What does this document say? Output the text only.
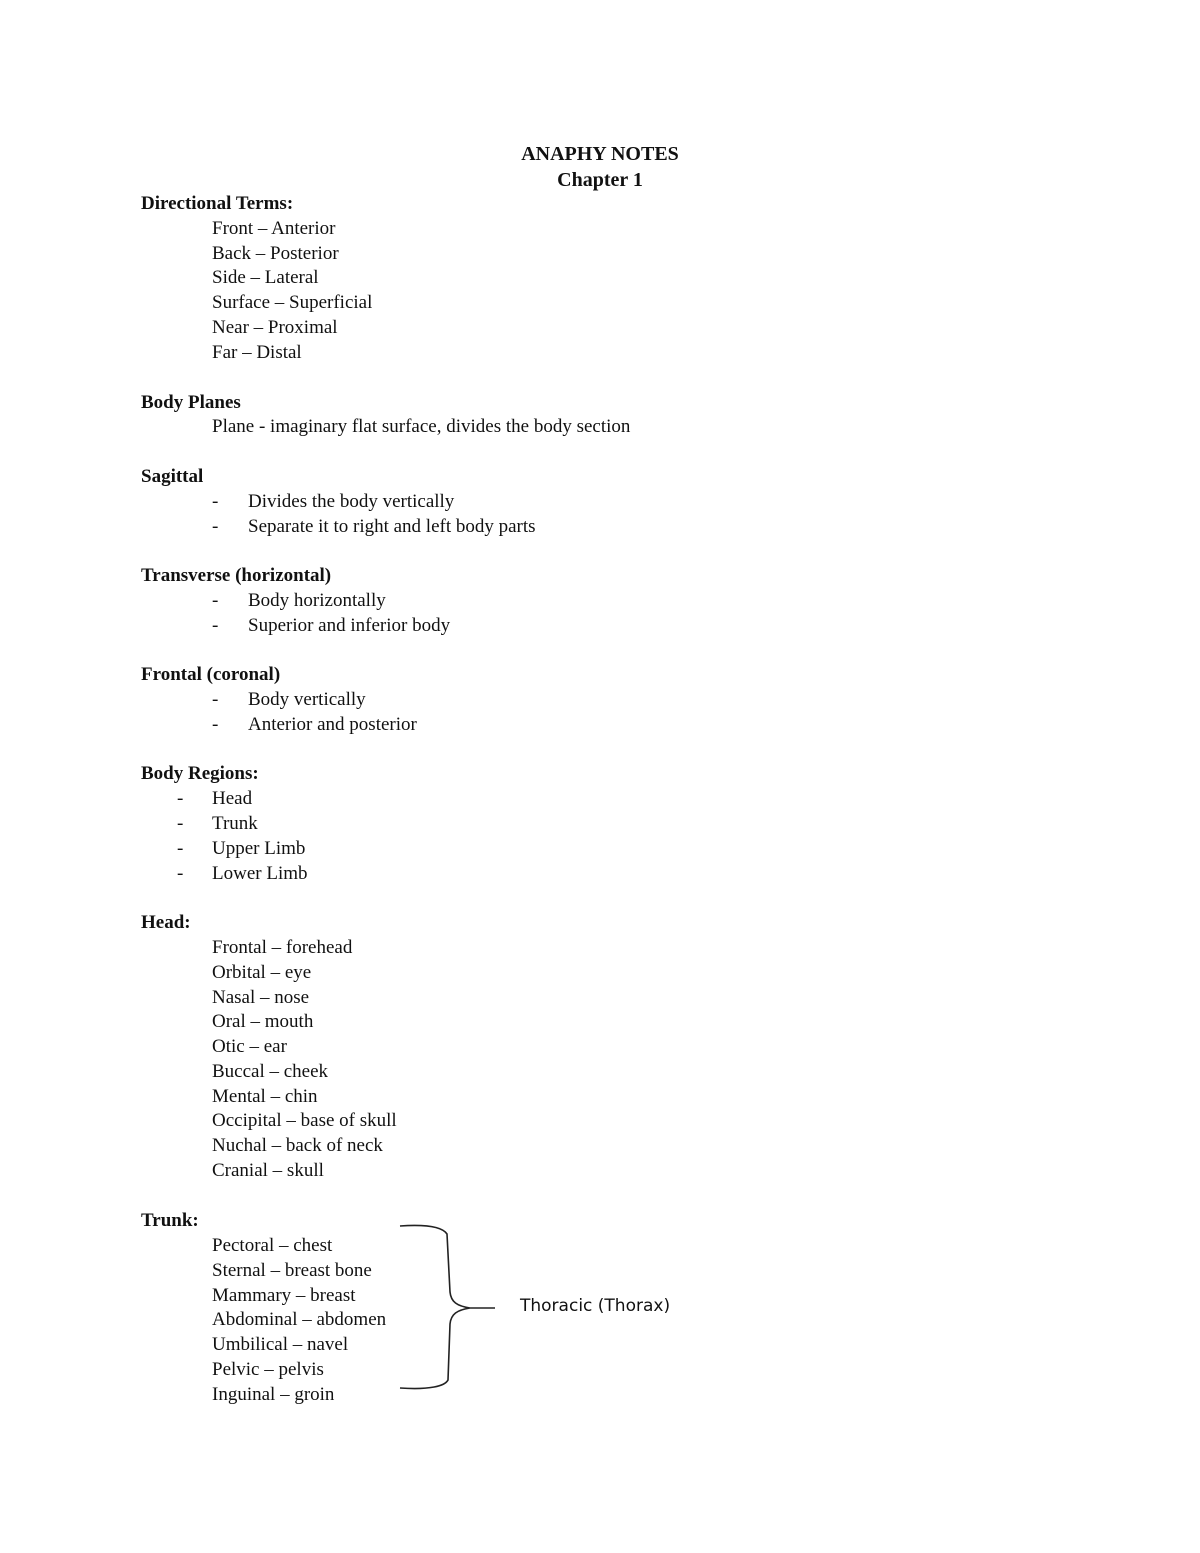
ANAPHY NOTES
Chapter 1
Directional Terms:
Front – Anterior
Back – Posterior
Side – Lateral
Surface – Superficial
Near – Proximal
Far – Distal
Body Planes
Plane - imaginary flat surface, divides the body section
Sagittal
- Divides the body vertically
- Separate it to right and left body parts
Transverse (horizontal)
- Body horizontally
- Superior and inferior body
Frontal (coronal)
- Body vertically
- Anterior and posterior
Body Regions:
- Head
- Trunk
- Upper Limb
- Lower Limb
Head:
Frontal – forehead
Orbital – eye
Nasal – nose
Oral – mouth
Otic – ear
Buccal – cheek
Mental – chin
Occipital – base of skull
Nuchal – back of neck
Cranial – skull
Trunk:
Pectoral – chest
Sternal – breast bone
Mammary – breast
Abdominal – abdomen
Umbilical – navel
Pelvic – pelvis
Inguinal – groin
Thoracic (Thorax)
